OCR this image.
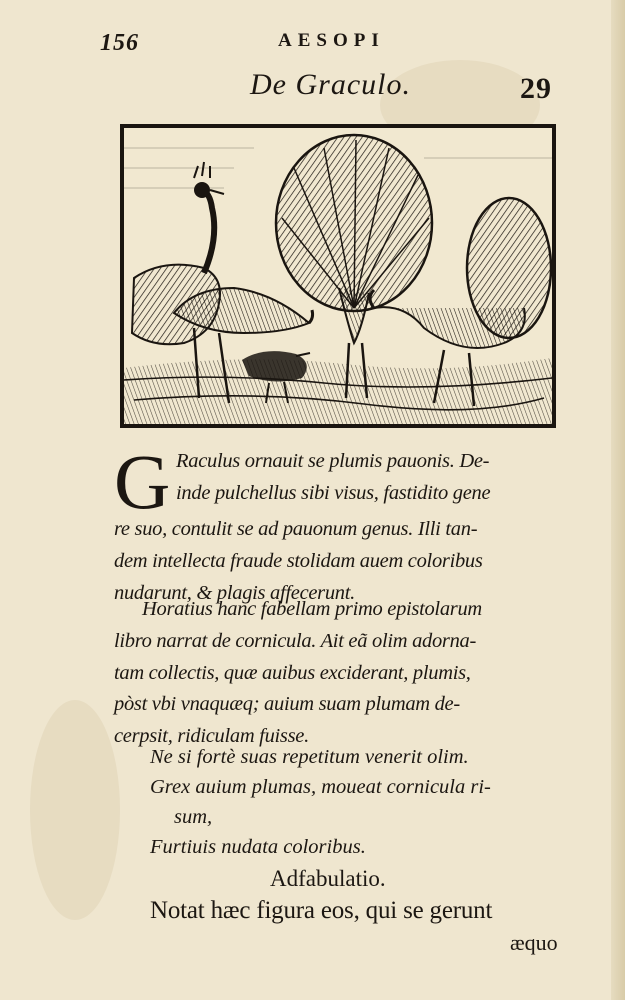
156	AESOPI
De Graculo.	29
G Raculus ornauit se plumis pauonis. De-

inde pulchellus sibi visus, fastidito gene

re suo, contulit se ad pauonum genus. Illi tan-

dem intellecta fraude stolidam auem coloribus

nudarunt, & plagis affecerunt.

Horatius hanc fabellam primo epistolarum

libro narrat de cornicula. Ait eã olim adorna-

tam collectis, quæ auibus exciderant, plumis,

pòst vbi vnaquæq; auium suam plumam de-

cerpsit, ridiculam fuisse.

Ne si fortè suas repetitum venerit olim.
Grex auium plumas, moueat cornicula ri-
sum,
Furtiuis nudata coloribus.
Adfabulatio.
Notat hæc figura eos, qui se gerunt
æquo
